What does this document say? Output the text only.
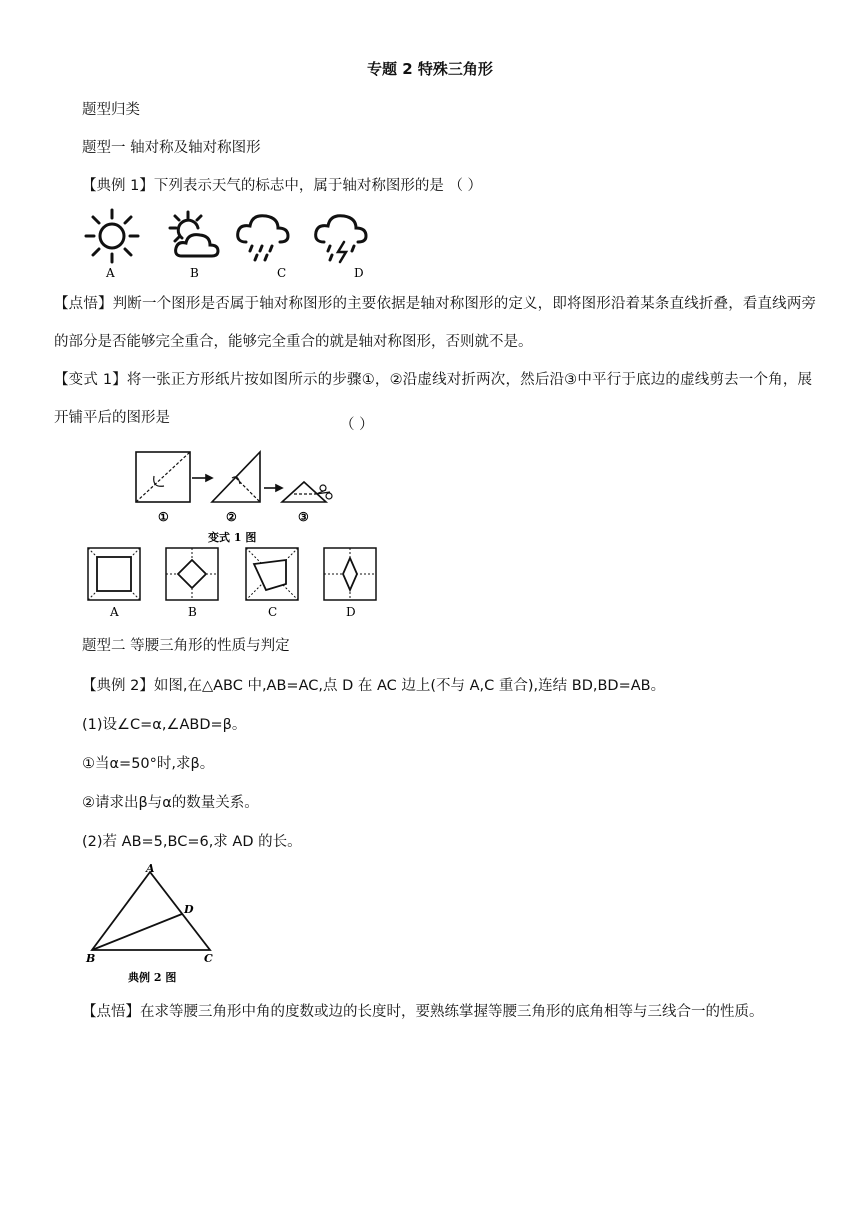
专题 2 特殊三角形
题型归类
题型一 轴对称及轴对称图形
【典例 1】下列表示天气的标志中，属于轴对称图形的是 （ ）
A	B	C	D
【点悟】判断一个图形是否属于轴对称图形的主要依据是轴对称图形的定义，即将图形沿着某条直线折叠，看直线两旁的部分是否能够完全重合，能够完全重合的就是轴对称图形，否则就不是。
【变式 1】将一张正方形纸片按如图所示的步骤①，②沿虚线对折两次，然后沿③中平行于底边的虚线剪去一个角，展开铺平后的图形是	（ ）
①	②	③
变式 1 图
A	B	C	D
题型二 等腰三角形的性质与判定
【典例 2】如图,在△ABC 中,AB=AC,点 D 在 AC 边上(不与 A,C 重合),连结 BD,BD=AB。
(1)设∠C=α,∠ABD=β。
①当α=50°时,求β。
②请求出β与α的数量关系。
(2)若 AB=5,BC=6,求 AD 的长。
A
B	C
D
典例 2 图
【点悟】在求等腰三角形中角的度数或边的长度时，要熟练掌握等腰三角形的底角相等与三线合一的性质。
